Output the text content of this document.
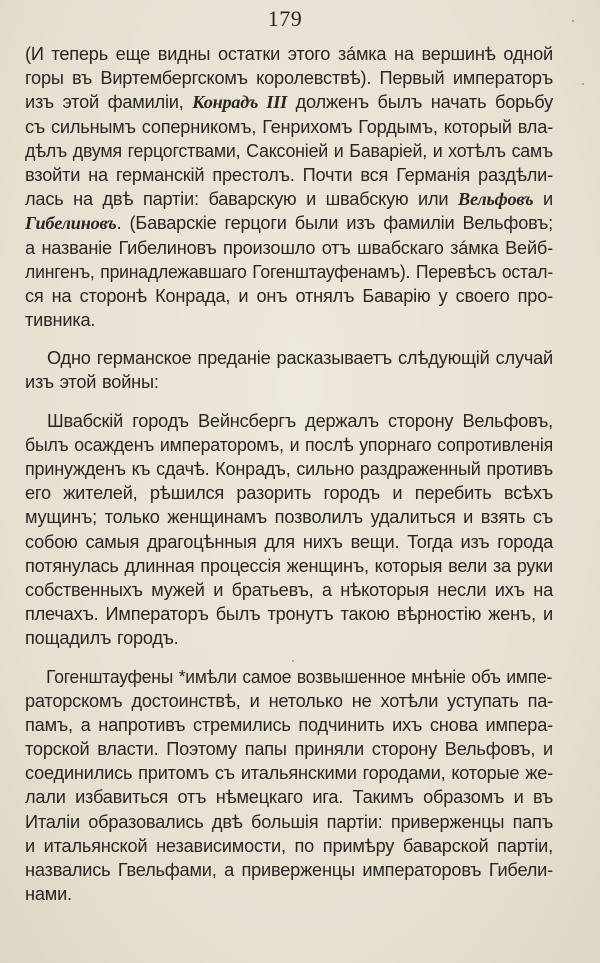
179
(И теперь еще видны остатки этого зáмка на вершинѣ одной
горы въ Виртембергскомъ королевствѣ). Первый императоръ
изъ этой фамиліи, Конрадъ III долженъ былъ начать борьбу
съ сильнымъ соперникомъ, Генрихомъ Гордымъ, который вла-
дѣлъ двумя герцогствами, Саксоніей и Баваріей, и хотѣлъ самъ
взойти на германскій престолъ. Почти вся Германія раздѣли-
лась на двѣ партіи: баварскую и швабскую или Вельфовъ и
Гибелиновъ. (Баварскіе герцоги были изъ фамиліи Вельфовъ;
а названіе Гибелиновъ произошло отъ швабскаго зáмка Вейб-
лингенъ, принадлежавшаго Гогенштауфенамъ). Перевѣсъ остал-
ся на сторонѣ Конрада, и онъ отнялъ Баварію у своего про-
тивника.
Одно германское преданіе расказываетъ слѣдующій случай
изъ этой войны:
Швабскій городъ Вейнсбергъ держалъ сторону Вельфовъ,
былъ осажденъ императоромъ, и послѣ упорнаго сопротивленія
принужденъ къ сдачѣ. Конрадъ, сильно раздраженный противъ
его жителей, рѣшился разорить городъ и перебить всѣхъ
мущинъ; только женщинамъ позволилъ удалиться и взять съ
собою самыя драгоцѣнныя для нихъ вещи. Тогда изъ города
потянулась длинная процессія женщинъ, которыя вели за руки
собственныхъ мужей и братьевъ, а нѣкоторыя несли ихъ на
плечахъ. Императоръ былъ тронутъ такою вѣрностію женъ, и
пощадилъ городъ.
Гогенштауфены *имѣли самое возвышенное мнѣніе объ импе-
раторскомъ достоинствѣ, и нетолько не хотѣли уступать па-
памъ, а напротивъ стремились подчинить ихъ снова импера-
торской власти. Поэтому папы приняли сторону Вельфовъ, и
соединились притомъ съ итальянскими городами, которые же-
лали избавиться отъ нѣмецкаго ига. Такимъ образомъ и въ
Италіи образовались двѣ большія партіи: приверженцы папъ
и итальянской независимости, по примѣру баварской партіи,
назвались Гвельфами, а приверженцы императоровъ Гибели-
нами.
